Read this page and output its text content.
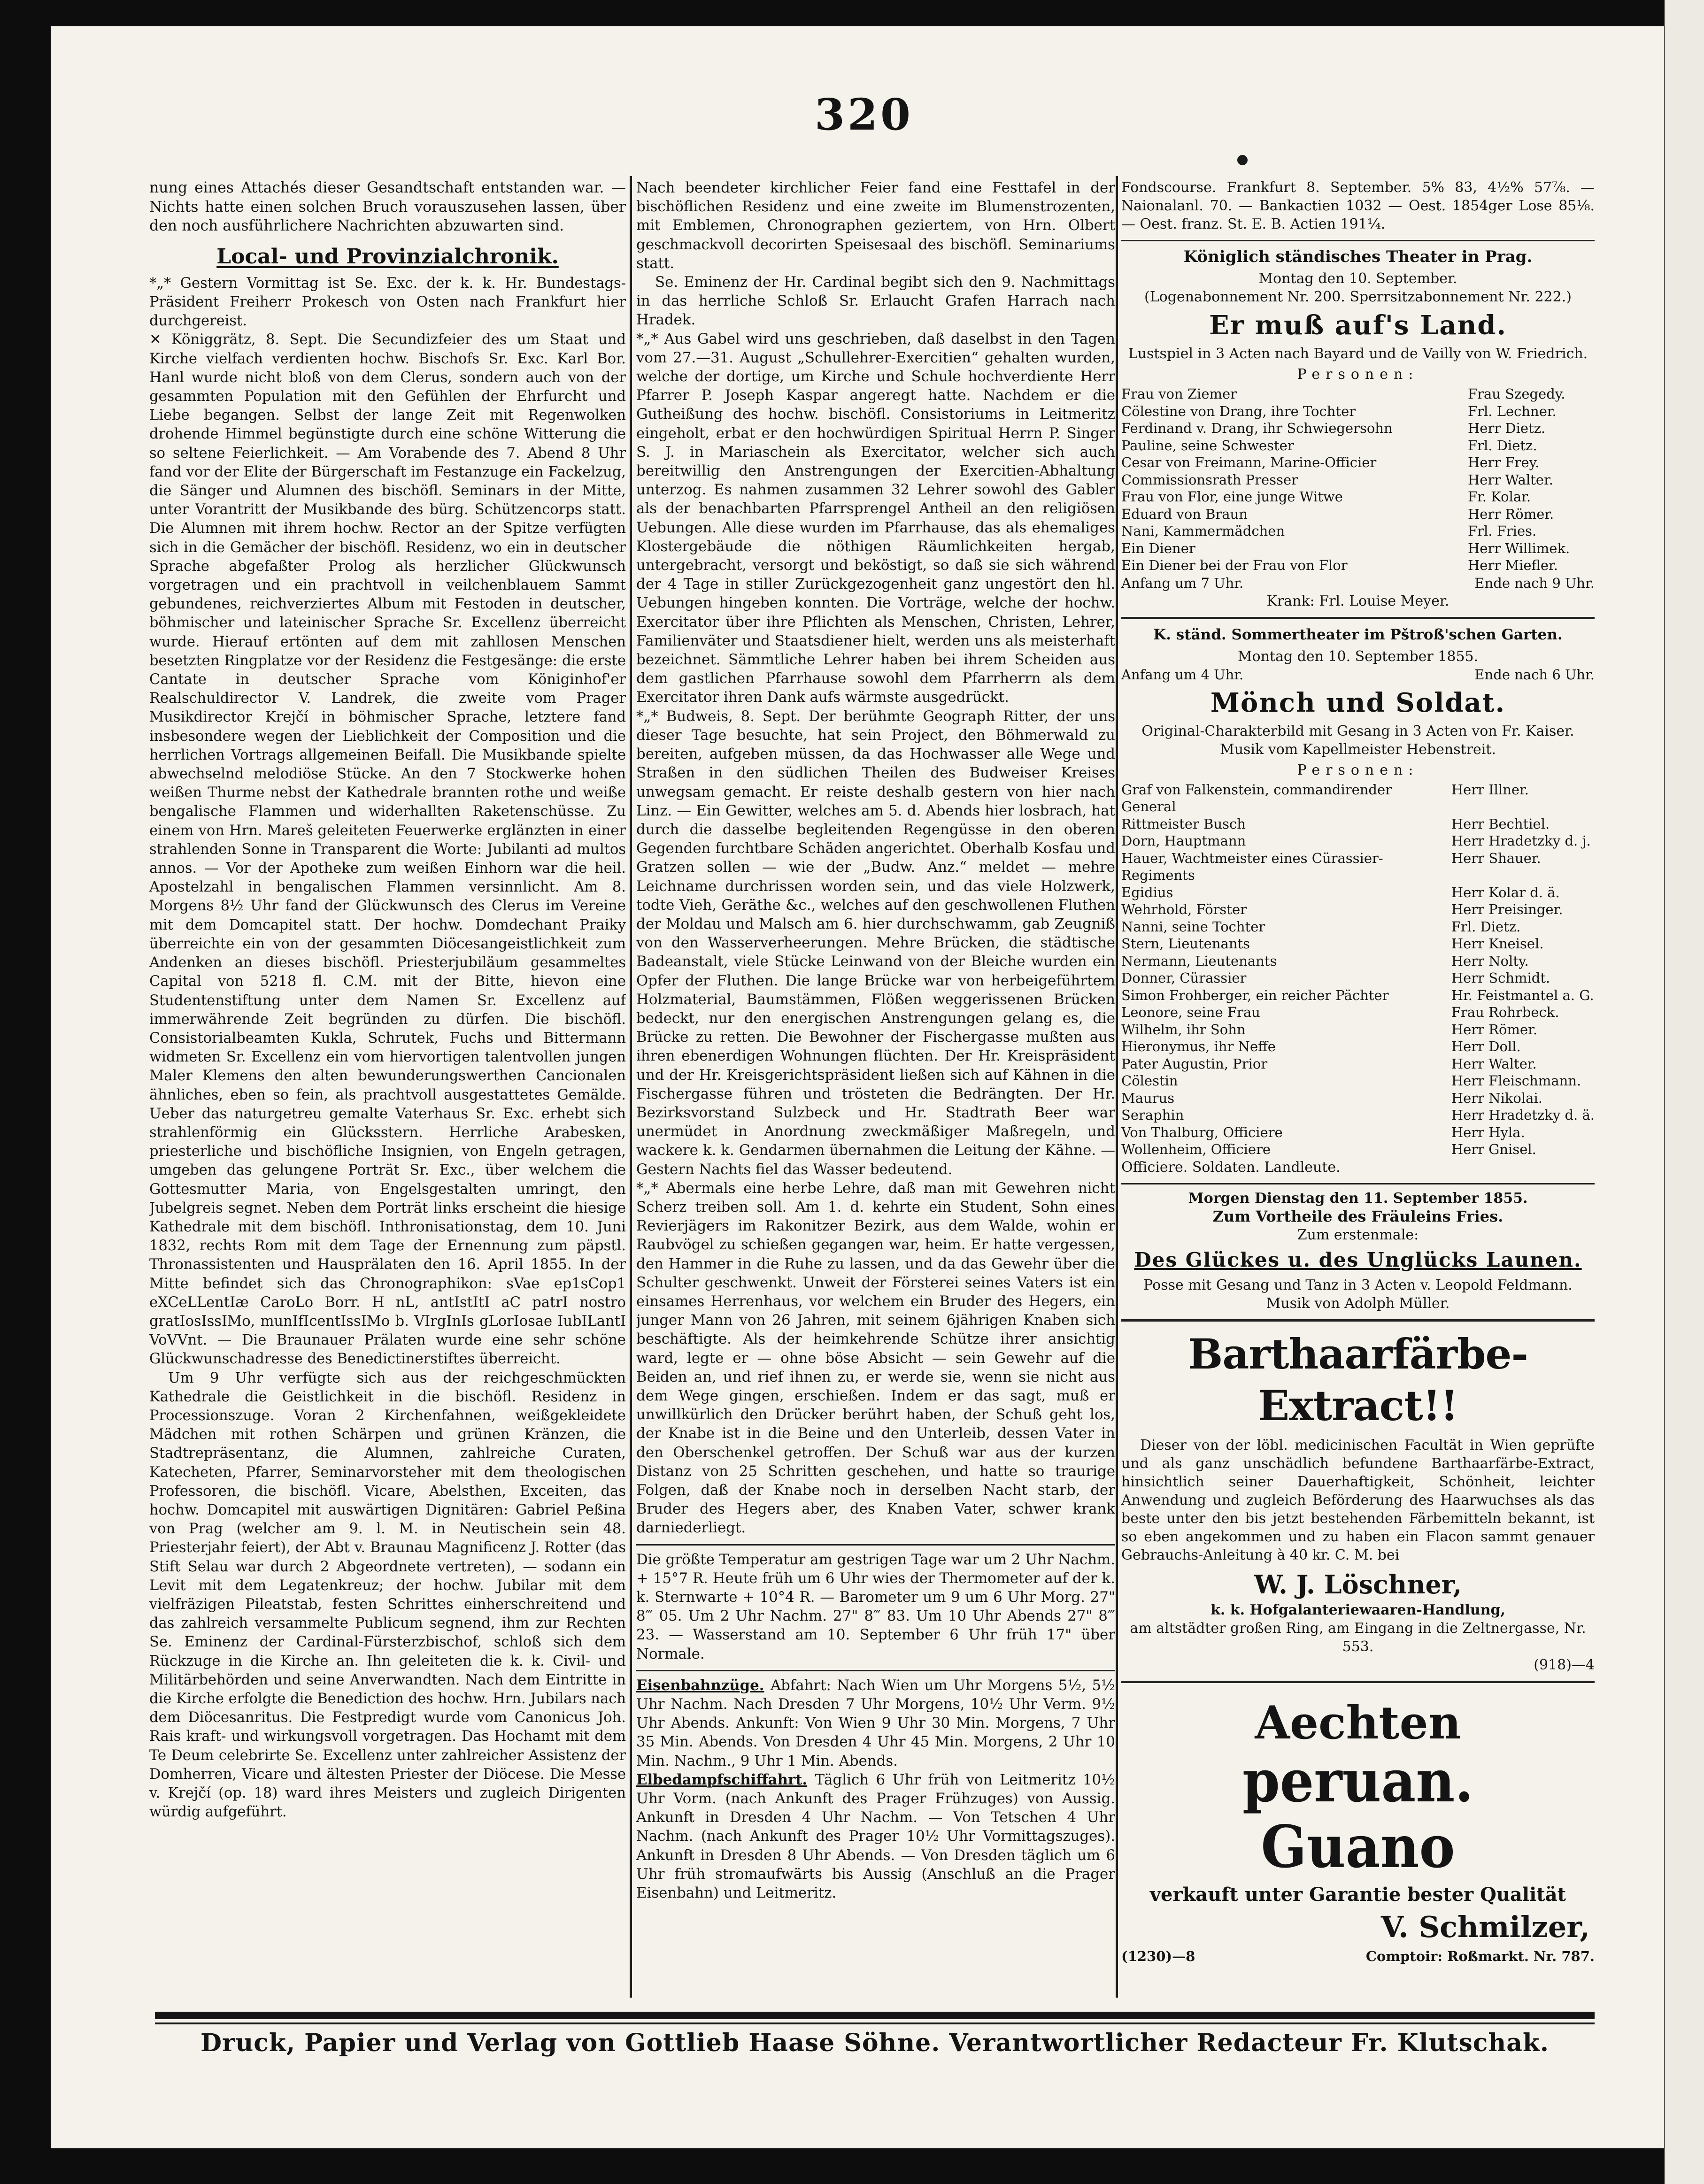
320

nung eines Attachés dieser Gesandtschaft entstanden war. — Nichts hatte einen solchen Bruch vorauszusehen lassen, über den noch ausführlichere Nachrichten abzuwarten sind.

Local- und Provinzialchronik.

*„* Gestern Vormittag ist Se. Exc. der k. k. Hr. Bundestags-Präsident Freiherr Prokesch von Osten nach Frankfurt hier durchgereist.

✕ Königgrätz, 8. Sept. Die Secundizfeier des um Staat und Kirche vielfach verdienten hochw. Bischofs Sr. Exc. Karl Bor. Hanl wurde nicht bloß von dem Clerus, sondern auch von der gesammten Population mit den Gefühlen der Ehrfurcht und Liebe begangen. Selbst der lange Zeit mit Regenwolken drohende Himmel begünstigte durch eine schöne Witterung die so seltene Feierlichkeit. — Am Vorabende des 7. Abend 8 Uhr fand vor der Elite der Bürgerschaft im Festanzuge ein Fackelzug, die Sänger und Alumnen des bischöfl. Seminars in der Mitte, unter Vorantritt der Musikbande des bürg. Schützencorps statt. Die Alumnen mit ihrem hochw. Rector an der Spitze verfügten sich in die Gemächer der bischöfl. Residenz, wo ein in deutscher Sprache abgefaßter Prolog als herzlicher Glückwunsch vorgetragen und ein prachtvoll in veilchenblauem Sammt gebundenes, reichverziertes Album mit Festoden in deutscher, böhmischer und lateinischer Sprache Sr. Excellenz überreicht wurde. Hierauf ertönten auf dem mit zahllosen Menschen besetzten Ringplatze vor der Residenz die Festgesänge: die erste Cantate in deutscher Sprache vom Königinhof'er Realschuldirector V. Landrek, die zweite vom Prager Musikdirector Krejčí in böhmischer Sprache, letztere fand insbesondere wegen der Lieblichkeit der Composition und die herrlichen Vortrags allgemeinen Beifall. Die Musikbande spielte abwechselnd melodiöse Stücke. An den 7 Stockwerke hohen weißen Thurme nebst der Kathedrale brannten rothe und weiße bengalische Flammen und widerhallten Raketenschüsse. Zu einem von Hrn. Mareš geleiteten Feuerwerke erglänzten in einer strahlenden Sonne in Transparent die Worte: Jubilanti ad multos annos. — Vor der Apotheke zum weißen Einhorn war die heil. Apostelzahl in bengalischen Flammen versinnlicht. Am 8. Morgens 8½ Uhr fand der Glückwunsch des Clerus im Vereine mit dem Domcapitel statt. Der hochw. Domdechant Praiky überreichte ein von der gesammten Diöcesangeistlichkeit zum Andenken an dieses bischöfl. Priesterjubiläum gesammeltes Capital von 5218 fl. C.M. mit der Bitte, hievon eine Studentenstiftung unter dem Namen Sr. Excellenz auf immerwährende Zeit begründen zu dürfen. Die bischöfl. Consistorialbeamten Kukla, Schrutek, Fuchs und Bittermann widmeten Sr. Excellenz ein vom hiervortigen talentvollen jungen Maler Klemens den alten bewunderungswerthen Cancionalen ähnliches, eben so fein, als prachtvoll ausgestattetes Gemälde. Ueber das naturgetreu gemalte Vaterhaus Sr. Exc. erhebt sich strahlenförmig ein Glücksstern. Herrliche Arabesken, priesterliche und bischöfliche Insignien, von Engeln getragen, umgeben das gelungene Porträt Sr. Exc., über welchem die Gottesmutter Maria, von Engelsgestalten umringt, den Jubelgreis segnet. Neben dem Porträt links erscheint die hiesige Kathedrale mit dem bischöfl. Inthronisationstag, dem 10. Juni 1832, rechts Rom mit dem Tage der Ernennung zum päpstl. Thronassistenten und Hausprälaten den 16. April 1855. In der Mitte befindet sich das Chronographikon: sVae ep1sCop1 eXCeLLentIæ CaroLo Borr. H nL, antIstItI aC patrI nostro gratIosIssIMo, munIfIcentIssIMo b. VIrgInIs gLorIosae IubILantI VoVVnt. — Die Braunauer Prälaten wurde eine sehr schöne Glückwunschadresse des Benedictinerstiftes überreicht.

Um 9 Uhr verfügte sich aus der reichgeschmückten Kathedrale die Geistlichkeit in die bischöfl. Residenz in Processionszuge. Voran 2 Kirchenfahnen, weißgekleidete Mädchen mit rothen Schärpen und grünen Kränzen, die Stadtrepräsentanz, die Alumnen, zahlreiche Curaten, Katecheten, Pfarrer, Seminarvorsteher mit dem theologischen Professoren, die bischöfl. Vicare, Abelsthen, Exceiten, das hochw. Domcapitel mit auswärtigen Dignitären: Gabriel Peßina von Prag (welcher am 9. l. M. in Neutischein sein 48. Priesterjahr feiert), der Abt v. Braunau Magnificenz J. Rotter (das Stift Selau war durch 2 Abgeordnete vertreten), — sodann ein Levit mit dem Legatenkreuz; der hochw. Jubilar mit dem vielfräzigen Pileatstab, festen Schrittes einherschreitend und das zahlreich versammelte Publicum segnend, ihm zur Rechten Se. Eminenz der Cardinal-Fürsterzbischof, schloß sich dem Rückzuge in die Kirche an. Ihn geleiteten die k. k. Civil- und Militärbehörden und seine Anverwandten. Nach dem Eintritte in die Kirche erfolgte die Benediction des hochw. Hrn. Jubilars nach dem Diöcesanritus. Die Festpredigt wurde vom Canonicus Joh. Rais kraft- und wirkungsvoll vorgetragen. Das Hochamt mit dem Te Deum celebrirte Se. Excellenz unter zahlreicher Assistenz der Domherren, Vicare und ältesten Priester der Diöcese. Die Messe v. Krejčí (op. 18) ward ihres Meisters und zugleich Dirigenten würdig aufgeführt.

Nach beendeter kirchlicher Feier fand eine Festtafel in der bischöflichen Residenz und eine zweite im Blumenstrozenten, mit Emblemen, Chronographen geziertem, von Hrn. Olbert geschmackvoll decorirten Speisesaal des bischöfl. Seminariums statt.

Se. Eminenz der Hr. Cardinal begibt sich den 9. Nachmittags in das herrliche Schloß Sr. Erlaucht Grafen Harrach nach Hradek.

*„* Aus Gabel wird uns geschrieben, daß daselbst in den Tagen vom 27.—31. August „Schullehrer-Exercitien“ gehalten wurden, welche der dortige, um Kirche und Schule hochverdiente Herr Pfarrer P. Joseph Kaspar angeregt hatte. Nachdem er die Gutheißung des hochw. bischöfl. Consistoriums in Leitmeritz eingeholt, erbat er den hochwürdigen Spiritual Herrn P. Singer S. J. in Mariaschein als Exercitator, welcher sich auch bereitwillig den Anstrengungen der Exercitien-Abhaltung unterzog. Es nahmen zusammen 32 Lehrer sowohl des Gabler als der benachbarten Pfarrsprengel Antheil an den religiösen Uebungen. Alle diese wurden im Pfarrhause, das als ehemaliges Klostergebäude die nöthigen Räumlichkeiten hergab, untergebracht, versorgt und beköstigt, so daß sie sich während der 4 Tage in stiller Zurückgezogenheit ganz ungestört den hl. Uebungen hingeben konnten. Die Vorträge, welche der hochw. Exercitator über ihre Pflichten als Menschen, Christen, Lehrer, Familienväter und Staatsdiener hielt, werden uns als meisterhaft bezeichnet. Sämmtliche Lehrer haben bei ihrem Scheiden aus dem gastlichen Pfarrhause sowohl dem Pfarrherrn als dem Exercitator ihren Dank aufs wärmste ausgedrückt.

*„* Budweis, 8. Sept. Der berühmte Geograph Ritter, der uns dieser Tage besuchte, hat sein Project, den Böhmerwald zu bereiten, aufgeben müssen, da das Hochwasser alle Wege und Straßen in den südlichen Theilen des Budweiser Kreises unwegsam gemacht. Er reiste deshalb gestern von hier nach Linz. — Ein Gewitter, welches am 5. d. Abends hier losbrach, hat durch die dasselbe begleitenden Regengüsse in den oberen Gegenden furchtbare Schäden angerichtet. Oberhalb Kosfau und Gratzen sollen — wie der „Budw. Anz.“ meldet — mehre Leichname durchrissen worden sein, und das viele Holzwerk, todte Vieh, Geräthe &c., welches auf den geschwollenen Fluthen der Moldau und Malsch am 6. hier durchschwamm, gab Zeugniß von den Wasserverheerungen. Mehre Brücken, die städtische Badeanstalt, viele Stücke Leinwand von der Bleiche wurden ein Opfer der Fluthen. Die lange Brücke war von herbeigeführtem Holzmaterial, Baumstämmen, Flößen weggerissenen Brücken bedeckt, nur den energischen Anstrengungen gelang es, die Brücke zu retten. Die Bewohner der Fischergasse mußten aus ihren ebenerdigen Wohnungen flüchten. Der Hr. Kreispräsident und der Hr. Kreisgerichtspräsident ließen sich auf Kähnen in die Fischergasse führen und trösteten die Bedrängten. Der Hr. Bezirksvorstand Sulzbeck und Hr. Stadtrath Beer war unermüdet in Anordnung zweckmäßiger Maßregeln, und wackere k. k. Gendarmen übernahmen die Leitung der Kähne. — Gestern Nachts fiel das Wasser bedeutend.

*„* Abermals eine herbe Lehre, daß man mit Gewehren nicht Scherz treiben soll. Am 1. d. kehrte ein Student, Sohn eines Revierjägers im Rakonitzer Bezirk, aus dem Walde, wohin er Raubvögel zu schießen gegangen war, heim. Er hatte vergessen, den Hammer in die Ruhe zu lassen, und da das Gewehr über die Schulter geschwenkt. Unweit der Försterei seines Vaters ist ein einsames Herrenhaus, vor welchem ein Bruder des Hegers, ein junger Mann von 26 Jahren, mit seinem 6jährigen Knaben sich beschäftigte. Als der heimkehrende Schütze ihrer ansichtig ward, legte er — ohne böse Absicht — sein Gewehr auf die Beiden an, und rief ihnen zu, er werde sie, wenn sie nicht aus dem Wege gingen, erschießen. Indem er das sagt, muß er unwillkürlich den Drücker berührt haben, der Schuß geht los, der Knabe ist in die Beine und den Unterleib, dessen Vater in den Oberschenkel getroffen. Der Schuß war aus der kurzen Distanz von 25 Schritten geschehen, und hatte so traurige Folgen, daß der Knabe noch in derselben Nacht starb, der Bruder des Hegers aber, des Knaben Vater, schwer krank darniederliegt.

Die größte Temperatur am gestrigen Tage war um 2 Uhr Nachm. + 15°7 R. Heute früh um 6 Uhr wies der Thermometer auf der k. k. Sternwarte + 10°4 R. — Barometer um 9 um 6 Uhr Morg. 27" 8‴ 05. Um 2 Uhr Nachm. 27" 8‴ 83. Um 10 Uhr Abends 27" 8‴ 23. — Wasserstand am 10. September 6 Uhr früh 17" über Normale.

Eisenbahnzüge. Abfahrt: Nach Wien um Uhr Morgens 5½, 5½ Uhr Nachm. Nach Dresden 7 Uhr Morgens, 10½ Uhr Verm. 9½ Uhr Abends. Ankunft: Von Wien 9 Uhr 30 Min. Morgens, 7 Uhr 35 Min. Abends. Von Dresden 4 Uhr 45 Min. Morgens, 2 Uhr 10 Min. Nachm., 9 Uhr 1 Min. Abends.

Elbedampfschiffahrt. Täglich 6 Uhr früh von Leitmeritz 10½ Uhr Vorm. (nach Ankunft des Prager Frühzuges) von Aussig. Ankunft in Dresden 4 Uhr Nachm. — Von Tetschen 4 Uhr Nachm. (nach Ankunft des Prager 10½ Uhr Vormittagszuges). Ankunft in Dresden 8 Uhr Abends. — Von Dresden täglich um 6 Uhr früh stromaufwärts bis Aussig (Anschluß an die Prager Eisenbahn) und Leitmeritz.

Fondscourse. Frankfurt 8. September. 5% 83, 4½% 57⅞. — Naionalanl. 70. — Bankactien 1032 — Oest. 1854ger Lose 85⅛. — Oest. franz. St. E. B. Actien 191¼.

Königlich ständisches Theater in Prag.

Montag den 10. September.

(Logenabonnement Nr. 200. Sperrsitzabonnement Nr. 222.)

Er muß auf's Land.

Lustspiel in 3 Acten nach Bayard und de Vailly von W. Friedrich.

Personen:
Frau von Ziemer	Frau Szegedy.
Cölestine von Drang, ihre Tochter	Frl. Lechner.
Ferdinand v. Drang, ihr Schwiegersohn	Herr Dietz.
Pauline, seine Schwester	Frl. Dietz.
Cesar von Freimann, Marine-Officier	Herr Frey.
Commissionsrath Presser	Herr Walter.
Frau von Flor, eine junge Witwe	Fr. Kolar.
Eduard von Braun	Herr Römer.
Nani, Kammermädchen	Frl. Fries.
Ein Diener	Herr Willimek.
Ein Diener bei der Frau von Flor	Herr Miefler.
Anfang um 7 Uhr.	Ende nach 9 Uhr.

Krank: Frl. Louise Meyer.

K. ständ. Sommertheater im Pštroß'schen Garten.

Montag den 10. September 1855.

Anfang um 4 Uhr.	Ende nach 6 Uhr.
Mönch und Soldat.

Original-Charakterbild mit Gesang in 3 Acten von Fr. Kaiser. Musik vom Kapellmeister Hebenstreit.

Personen:
Graf von Falkenstein, commandirender General	Herr Illner.
Rittmeister Busch	Herr Bechtiel.
Dorn, Hauptmann	Herr Hradetzky d. j.
Hauer, Wachtmeister eines Cürassier-Regiments	Herr Shauer.
Egidius	Herr Kolar d. ä.
Wehrhold, Förster	Herr Preisinger.
Nanni, seine Tochter	Frl. Dietz.
Stern, Lieutenants	Herr Kneisel.
Nermann, Lieutenants	Herr Nolty.
Donner, Cürassier	Herr Schmidt.
Simon Frohberger, ein reicher Pächter	Hr. Feistmantel a. G.
Leonore, seine Frau	Frau Rohrbeck.
Wilhelm, ihr Sohn	Herr Römer.
Hieronymus, ihr Neffe	Herr Doll.
Pater Augustin, Prior	Herr Walter.
Cölestin	Herr Fleischmann.
Maurus	Herr Nikolai.
Seraphin	Herr Hradetzky d. ä.
Von Thalburg, Officiere	Herr Hyla.
Wollenheim, Officiere	Herr Gnisel.

Officiere. Soldaten. Landleute.

Morgen Dienstag den 11. September 1855.

Zum Vortheile des Fräuleins Fries.

Zum erstenmale:

Des Glückes u. des Unglücks Launen.

Posse mit Gesang und Tanz in 3 Acten v. Leopold Feldmann. Musik von Adolph Müller.

Barthaarfärbe-Extract!!

Dieser von der löbl. medicinischen Facultät in Wien geprüfte und als ganz unschädlich befundene Barthaarfärbe-Extract, hinsichtlich seiner Dauerhaftigkeit, Schönheit, leichter Anwendung und zugleich Beförderung des Haarwuchses als das beste unter den bis jetzt bestehenden Färbemitteln bekannt, ist so eben angekommen und zu haben ein Flacon sammt genauer Gebrauchs-Anleitung à 40 kr. C. M. bei

W. J. Löschner,

k. k. Hofgalanteriewaaren-Handlung,

am altstädter großen Ring, am Eingang in die Zeltnergasse, Nr. 553.

(918)—4

Aechten
peruan. Guano
verkauft unter Garantie bester Qualität
V. Schmilzer,
(1230)—8	Comptoir: Roßmarkt. Nr. 787.
Druck, Papier und Verlag von Gottlieb Haase Söhne. Verantwortlicher Redacteur Fr. Klutschak.
